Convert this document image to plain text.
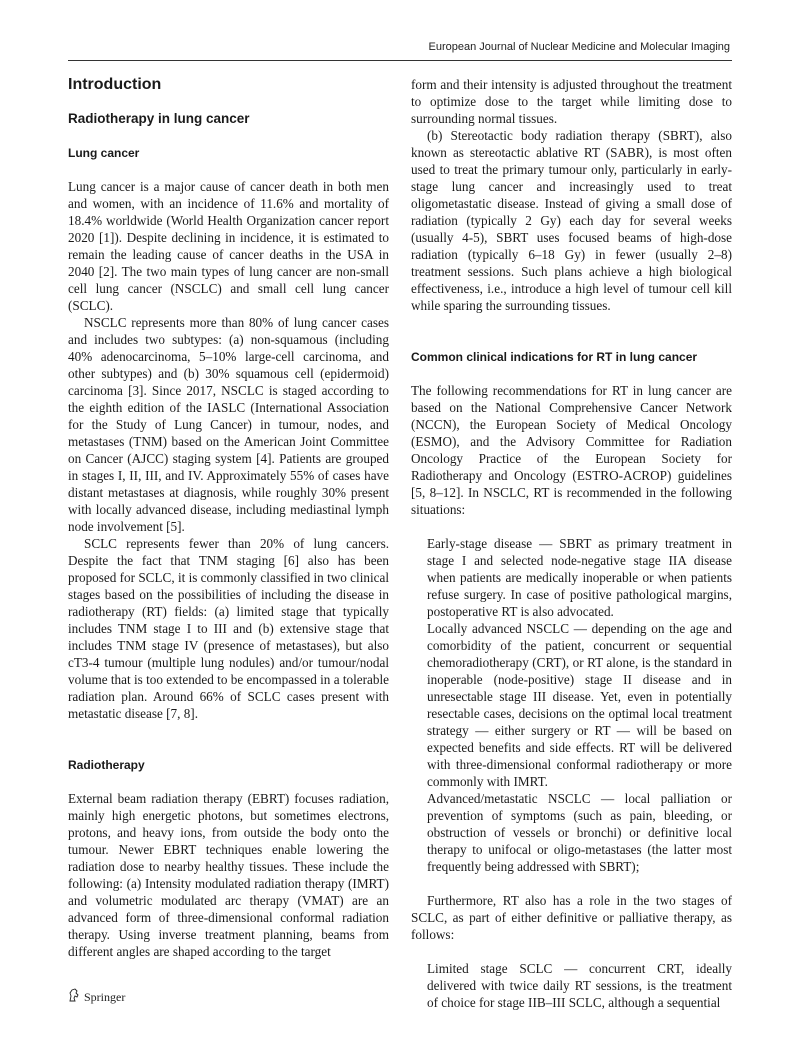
European Journal of Nuclear Medicine and Molecular Imaging
Introduction
Radiotherapy in lung cancer
Lung cancer

Lung cancer is a major cause of cancer death in both men and women, with an incidence of 11.6% and mortality of 18.4% worldwide (World Health Organization cancer report 2020 [1]). Despite declining in incidence, it is estimated to remain the leading cause of cancer deaths in the USA in 2040 [2]. The two main types of lung cancer are non-small cell lung cancer (NSCLC) and small cell lung cancer (SCLC).

NSCLC represents more than 80% of lung cancer cases and includes two subtypes: (a) non-squamous (including 40% adenocarcinoma, 5–10% large-cell carcinoma, and other subtypes) and (b) 30% squamous cell (epidermoid) carcinoma [3]. Since 2017, NSCLC is staged according to the eighth edition of the IASLC (International Association for the Study of Lung Cancer) in tumour, nodes, and metastases (TNM) based on the American Joint Committee on Cancer (AJCC) staging system [4]. Patients are grouped in stages I, II, III, and IV. Approximately 55% of cases have distant metastases at diagnosis, while roughly 30% present with locally advanced disease, including mediastinal lymph node involvement [5].

SCLC represents fewer than 20% of lung cancers. Despite the fact that TNM staging [6] also has been proposed for SCLC, it is commonly classified in two clinical stages based on the possibilities of including the disease in radiotherapy (RT) fields: (a) limited stage that typically includes TNM stage I to III and (b) extensive stage that includes TNM stage IV (presence of metastases), but also cT3-4 tumour (multiple lung nodules) and/or tumour/nodal volume that is too extended to be encompassed in a tolerable radiation plan. Around 66% of SCLC cases present with metastatic disease [7, 8].

Radiotherapy

External beam radiation therapy (EBRT) focuses radiation, mainly high energetic photons, but sometimes electrons, protons, and heavy ions, from outside the body onto the tumour. Newer EBRT techniques enable lowering the radiation dose to nearby healthy tissues. These include the following: (a) Intensity modulated radiation therapy (IMRT) and volumetric modulated arc therapy (VMAT) are an advanced form of three-dimensional conformal radiation therapy. Using inverse treatment planning, beams from different angles are shaped according to the target

form and their intensity is adjusted throughout the treatment to optimize dose to the target while limiting dose to surrounding normal tissues.

(b) Stereotactic body radiation therapy (SBRT), also known as stereotactic ablative RT (SABR), is most often used to treat the primary tumour only, particularly in early-stage lung cancer and increasingly used to treat oligometastatic disease. Instead of giving a small dose of radiation (typically 2 Gy) each day for several weeks (usually 4-5), SBRT uses focused beams of high-dose radiation (typically 6–18 Gy) in fewer (usually 2–8) treatment sessions. Such plans achieve a high biological effectiveness, i.e., introduce a high level of tumour cell kill while sparing the surrounding tissues.

Common clinical indications for RT in lung cancer

The following recommendations for RT in lung cancer are based on the National Comprehensive Cancer Network (NCCN), the European Society of Medical Oncology (ESMO), and the Advisory Committee for Radiation Oncology Practice of the European Society for Radiotherapy and Oncology (ESTRO-ACROP) guidelines [5, 8–12]. In NSCLC, RT is recommended in the following situations:

Early-stage disease — SBRT as primary treatment in stage I and selected node-negative stage IIA disease when patients are medically inoperable or when patients refuse surgery. In case of positive pathological margins, postoperative RT is also advocated.

Locally advanced NSCLC — depending on the age and comorbidity of the patient, concurrent or sequential chemoradiotherapy (CRT), or RT alone, is the standard in inoperable (node-positive) stage II disease and in unresectable stage III disease. Yet, even in potentially resectable cases, decisions on the optimal local treatment strategy — either surgery or RT — will be based on expected benefits and side effects. RT will be delivered with three-dimensional conformal radiotherapy or more commonly with IMRT.

Advanced/metastatic NSCLC — local palliation or prevention of symptoms (such as pain, bleeding, or obstruction of vessels or bronchi) or definitive local therapy to unifocal or oligo-metastases (the latter most frequently being addressed with SBRT);

Furthermore, RT also has a role in the two stages of SCLC, as part of either definitive or palliative therapy, as follows:

Limited stage SCLC — concurrent CRT, ideally delivered with twice daily RT sessions, is the treatment of choice for stage IIB–III SCLC, although a sequential

Springer
